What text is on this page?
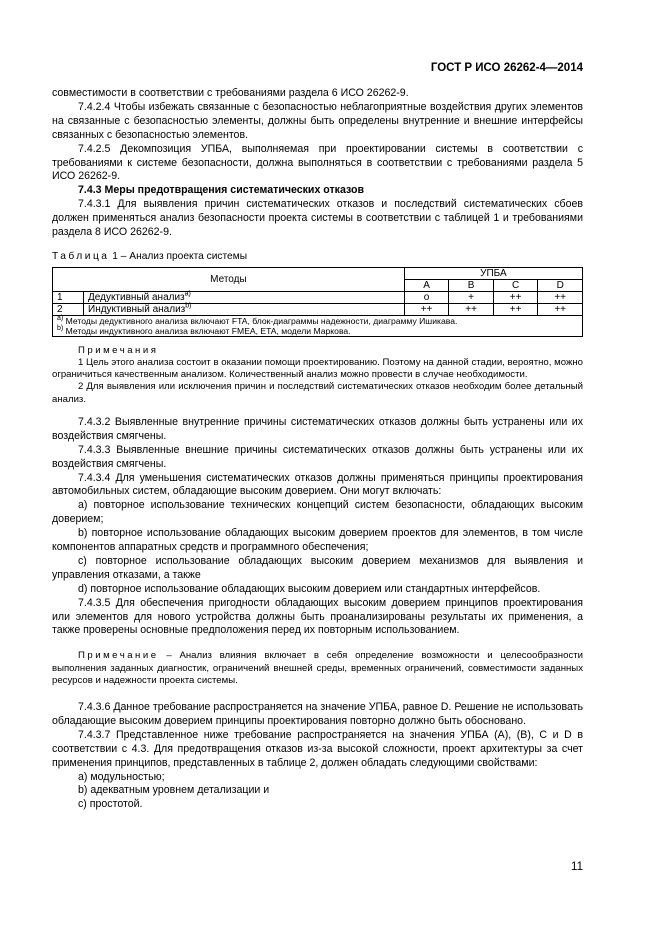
ГОСТ Р ИСО 26262-4—2014

совместимости в соответствии с требованиями раздела 6 ИСО 26262-9.

7.4.2.4 Чтобы избежать связанные с безопасностью неблагоприятные воздействия других элементов на связанные с безопасностью элементы, должны быть определены внутренние и внешние интерфейсы связанных с безопасностью элементов.

7.4.2.5 Декомпозиция УПБА, выполняемая при проектировании системы в соответствии с требованиями к системе безопасности, должна выполняться в соответствии с требованиями раздела 5 ИСО 26262-9.

7.4.3 Меры предотвращения систематических отказов

7.4.3.1 Для выявления причин систематических отказов и последствий систематических сбоев должен применяться анализ безопасности проекта системы в соответствии с таблицей 1 и требованиями раздела 8 ИСО 26262-9.

Таблица 1 – Анализ проекта системы

Методы		УПБА			
		A	B	C	D
1	Дедуктивный анализ$^{a)}$	o	+	++	++
2	Индуктивный анализ$^{b)}$	++	++	++	++

$^{a)}$ Методы дедуктивного анализа включают FTA, блок-диаграммы надежности, диаграмму Ишикава.
$^{b)}$ Методы индуктивного анализа включают FMEA, ETA, модели Маркова.					

Примечания

1 Цель этого анализа состоит в оказании помощи проектированию. Поэтому на данной стадии, вероятно, можно ограничиться качественным анализом. Количественный анализ можно провести в случае необходимости.

2 Для выявления или исключения причин и последствий систематических отказов необходим более детальный анализ.

7.4.3.2 Выявленные внутренние причины систематических отказов должны быть устранены или их воздействия смягчены.

7.4.3.3 Выявленные внешние причины систематических отказов должны быть устранены или их воздействия смягчены.

7.4.3.4 Для уменьшения систематических отказов должны применяться принципы проектирования автомобильных систем, обладающие высоким доверием. Они могут включать:

a) повторное использование технических концепций систем безопасности, обладающих высоким доверием;

b) повторное использование обладающих высоким доверием проектов для элементов, в том числе компонентов аппаратных средств и программного обеспечения;

c) повторное использование обладающих высоким доверием механизмов для выявления и управления отказами, а также

d) повторное использование обладающих высоким доверием или стандартных интерфейсов.

7.4.3.5 Для обеспечения пригодности обладающих высоким доверием принципов проектирования или элементов для нового устройства должны быть проанализированы результаты их применения, а также проверены основные предположения перед их повторным использованием.

Примечание – Анализ влияния включает в себя определение возможности и целесообразности выполнения заданных диагностик, ограничений внешней среды, временных ограничений, совместимости заданных ресурсов и надежности проекта системы.

7.4.3.6 Данное требование распространяется на значение УПБА, равное D. Решение не использовать обладающие высоким доверием принципы проектирования повторно должно быть обосновано.

7.4.3.7 Представленное ниже требование распространяется на значения УПБА (A), (B), C и D в соответствии с 4.3. Для предотвращения отказов из-за высокой сложности, проект архитектуры за счет применения принципов, представленных в таблице 2, должен обладать следующими свойствами:

a) модульностью;

b) адекватным уровнем детализации и

c) простотой.

11
